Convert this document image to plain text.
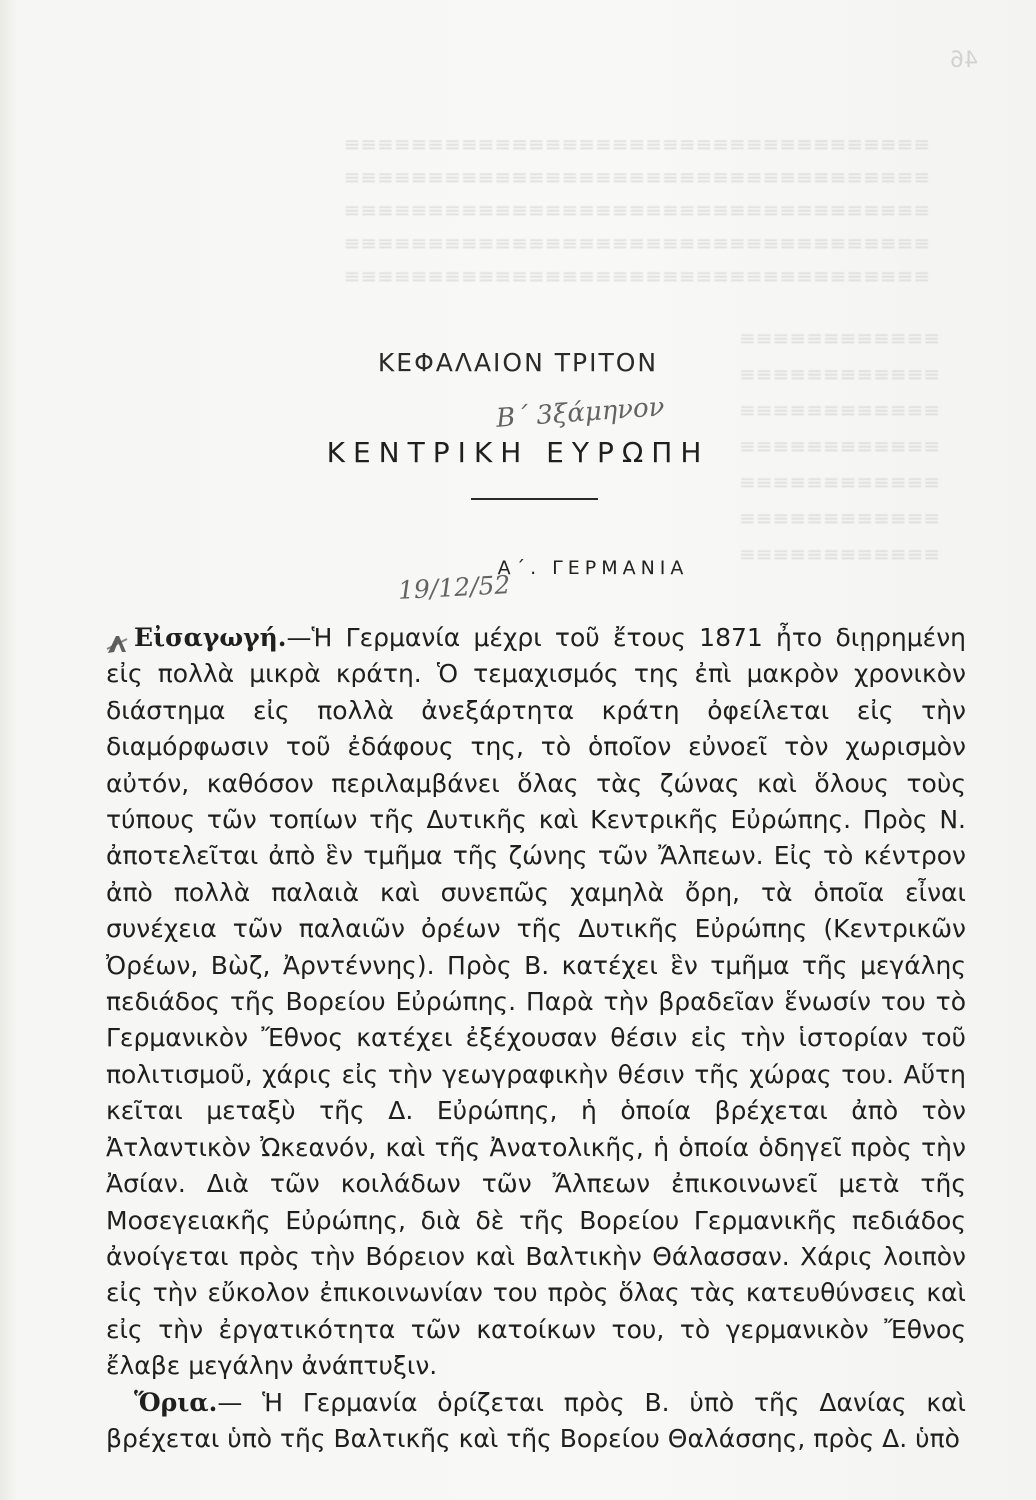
46
≡≡≡≡≡≡≡≡≡≡≡≡≡≡≡≡≡≡≡≡≡≡≡≡≡≡≡≡≡≡≡≡≡≡≡
≡≡≡≡≡≡≡≡≡≡≡≡≡≡≡≡≡≡≡≡≡≡≡≡≡≡≡≡≡≡≡≡≡≡≡
≡≡≡≡≡≡≡≡≡≡≡≡≡≡≡≡≡≡≡≡≡≡≡≡≡≡≡≡≡≡≡≡≡≡≡
≡≡≡≡≡≡≡≡≡≡≡≡≡≡≡≡≡≡≡≡≡≡≡≡≡≡≡≡≡≡≡≡≡≡≡
≡≡≡≡≡≡≡≡≡≡≡≡≡≡≡≡≡≡≡≡≡≡≡≡≡≡≡≡≡≡≡≡≡≡≡
≡≡≡≡≡≡≡≡≡≡≡≡
≡≡≡≡≡≡≡≡≡≡≡≡
≡≡≡≡≡≡≡≡≡≡≡≡
≡≡≡≡≡≡≡≡≡≡≡≡
≡≡≡≡≡≡≡≡≡≡≡≡
≡≡≡≡≡≡≡≡≡≡≡≡
≡≡≡≡≡≡≡≡≡≡≡≡
ΚΕΦΑΛΑΙΟΝ ΤΡΙΤΟΝ
Β΄ 3ξάμηνον
ΚΕΝΤΡΙΚΗ ΕΥΡΩΠΗ
19/12/52
Α΄. ΓΕΡΜΑΝΙΑ

Εἰσαγωγή.—Ἡ Γερμανία μέχρι τοῦ ἔτους 1871 ἦτο διῃρημένη εἰς πολλὰ μικρὰ κράτη. Ὁ τεμαχισμός της ἐπὶ μακρὸν χρονικὸν διάστημα εἰς πολλὰ ἀνεξάρτητα κράτη ὀφείλεται εἰς τὴν διαμόρφωσιν τοῦ ἐδάφους της, τὸ ὁποῖον εὐνοεῖ τὸν χωρισμὸν αὐτόν, καθόσον περιλαμβάνει ὅλας τὰς ζώνας καὶ ὅλους τοὺς τύπους τῶν τοπίων τῆς Δυτικῆς καὶ Κεντρικῆς Εὐρώπης. Πρὸς Ν. ἀποτελεῖται ἀπὸ ἓν τμῆμα τῆς ζώνης τῶν Ἄλπεων. Εἰς τὸ κέντρον ἀπὸ πολλὰ παλαιὰ καὶ συνεπῶς χαμηλὰ ὄρη, τὰ ὁποῖα εἶναι συνέχεια τῶν παλαιῶν ὀρέων τῆς Δυτικῆς Εὐρώπης (Κεντρικῶν Ὀρέων, Βὼζ, Ἀρντέννης). Πρὸς Β. κατέχει ἓν τμῆμα τῆς μεγάλης πεδιάδος τῆς Βορείου Εὐρώπης. Παρὰ τὴν βραδεῖαν ἕνωσίν του τὸ Γερμανικὸν Ἔθνος κατέχει ἐξέχουσαν θέσιν εἰς τὴν ἱστορίαν τοῦ πολιτισμοῦ, χάρις εἰς τὴν γεωγραφικὴν θέσιν τῆς χώρας του. Αὕτη κεῖται μεταξὺ τῆς Δ. Εὐρώπης, ἡ ὁποία βρέχεται ἀπὸ τὸν Ἀτλαντικὸν Ὠκεανόν, καὶ τῆς Ἀνατολικῆς, ἡ ὁποία ὁδηγεῖ πρὸς τὴν Ἀσίαν. Διὰ τῶν κοιλάδων τῶν Ἄλπεων ἐπικοινωνεῖ μετὰ τῆς Μοσεγειακῆς Εὐρώπης, διὰ δὲ τῆς Βορείου Γερμανικῆς πεδιάδος ἀνοίγεται πρὸς τὴν Βόρειον καὶ Βαλτικὴν Θάλασσαν. Χάρις λοιπὸν εἰς τὴν εὔκολον ἐπικοινωνίαν του πρὸς ὅλας τὰς κατευθύνσεις καὶ εἰς τὴν ἐργατικότητα τῶν κατοίκων του, τὸ γερμανικὸν Ἔθνος ἔλαβε μεγάλην ἀνάπτυξιν.

Ὅρια.— Ἡ Γερμανία ὁρίζεται πρὸς Β. ὑπὸ τῆς Δανίας καὶ βρέχεται ὑπὸ τῆς Βαλτικῆς καὶ τῆς Βορείου Θαλάσσης, πρὸς Δ. ὑπὸ
